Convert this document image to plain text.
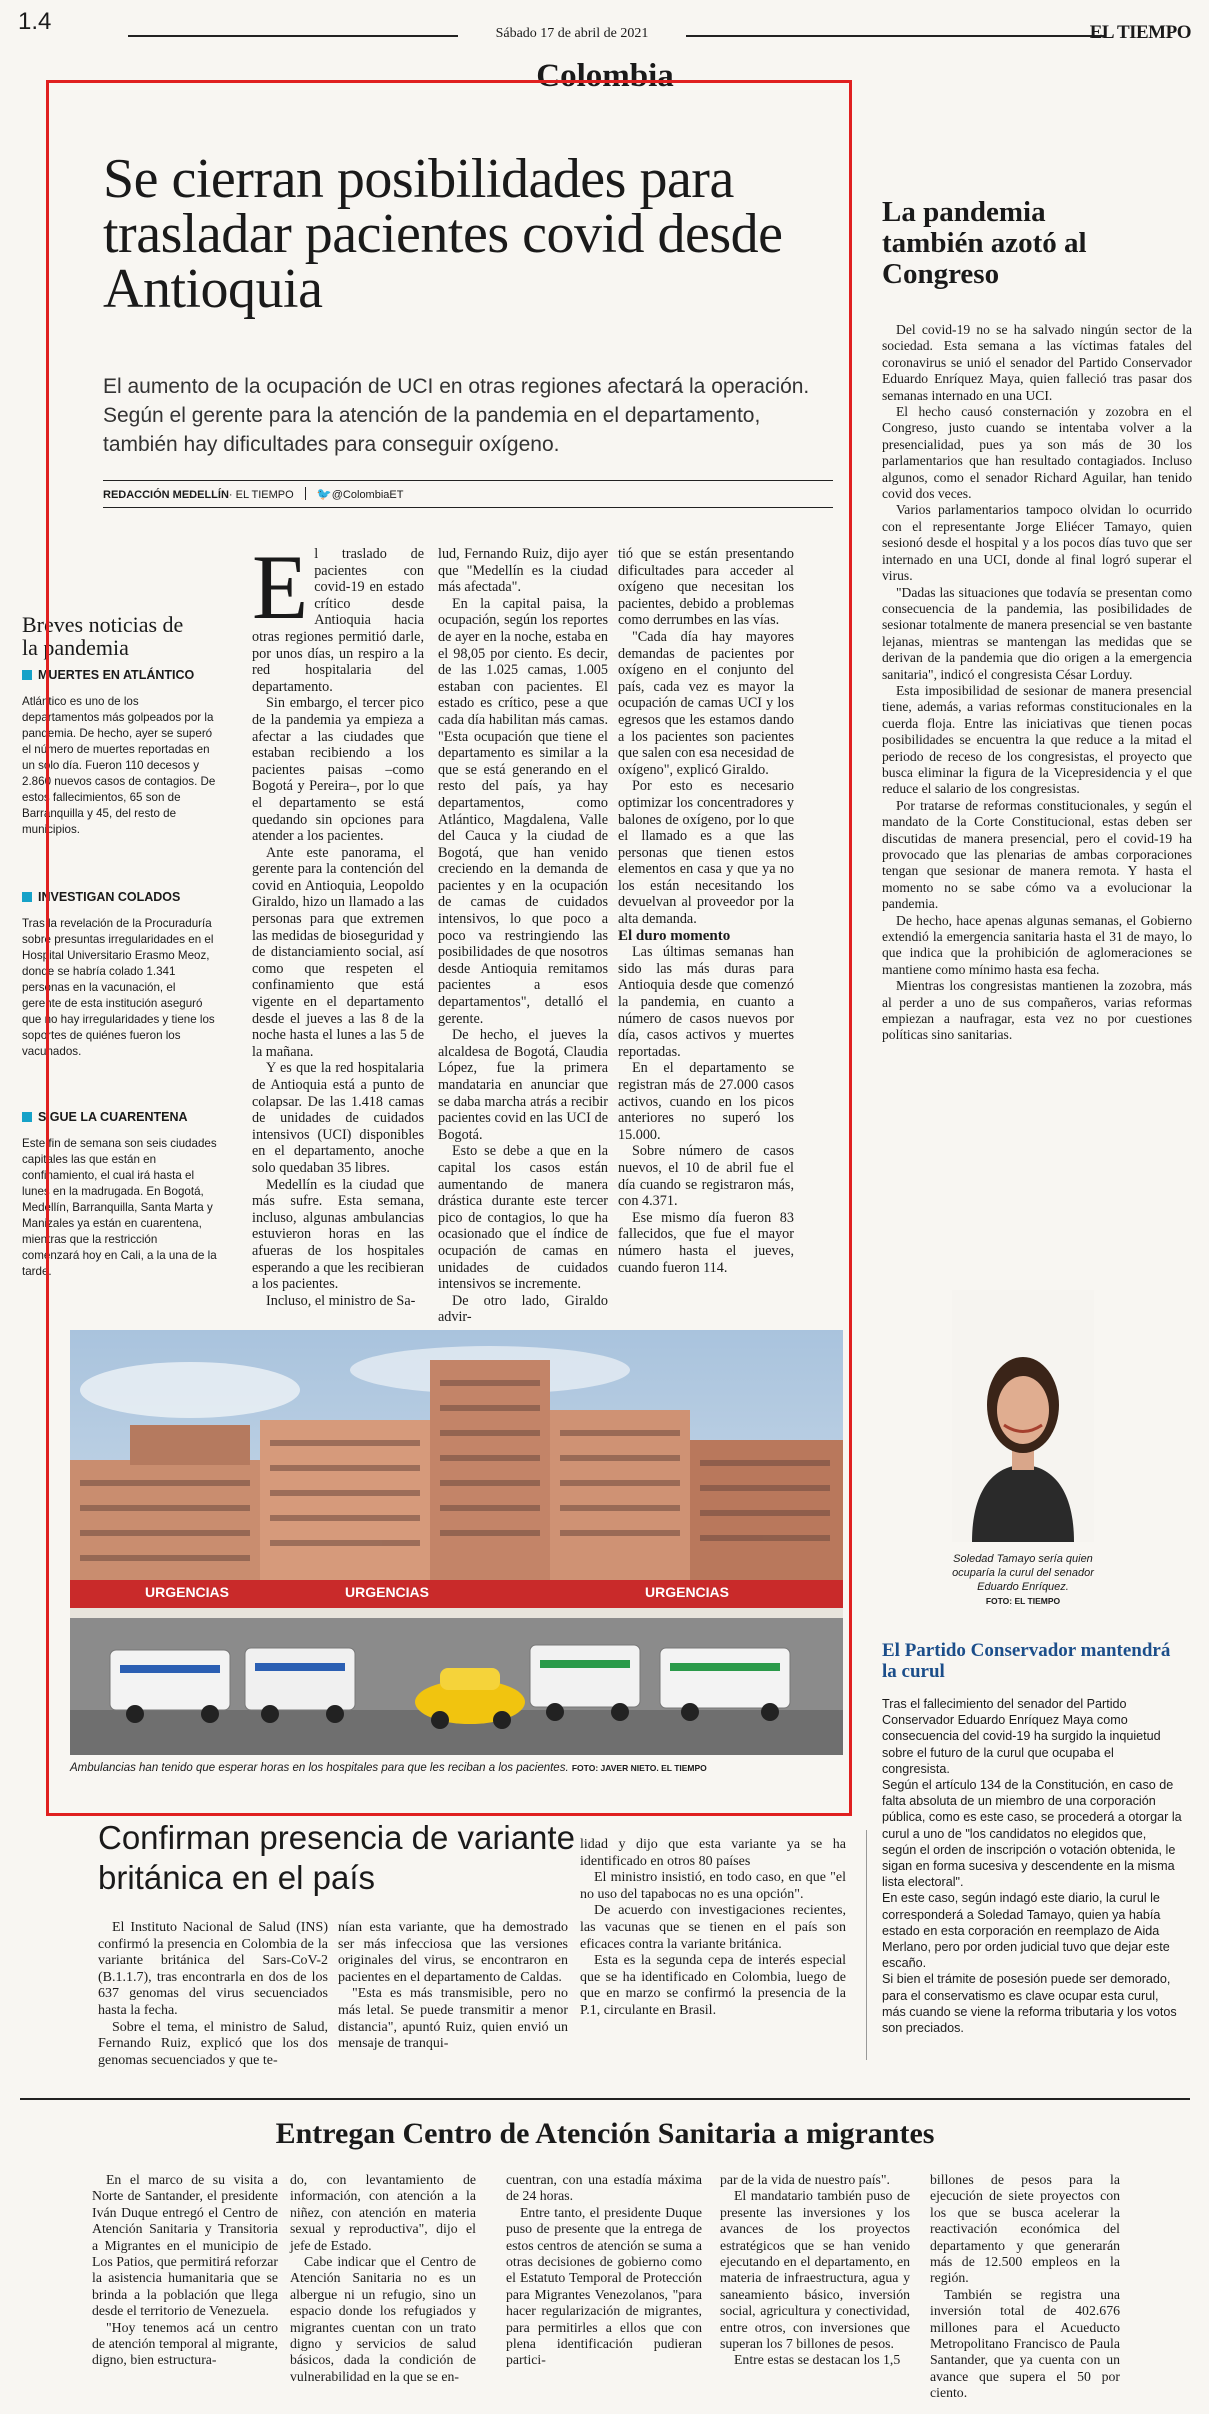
1.4	Sábado 17 de abril de 2021	EL TIEMPO
Colombia
Breves noticias de la pandemia
MUERTES EN ATLÁNTICO
Atlántico es uno de los departamentos más golpeados por la pandemia. De hecho, ayer se superó el número de muertes reportadas en un solo día. Fueron 110 decesos y 2.860 nuevos casos de contagios. De estos fallecimientos, 65 son de Barranquilla y 45, del resto de municipios.
INVESTIGAN COLADOS
Tras la revelación de la Procuraduría sobre presuntas irregularidades en el Hospital Universitario Erasmo Meoz, donde se habría colado 1.341 personas en la vacunación, el gerente de esta institución aseguró que no hay irregularidades y tiene los soportes de quiénes fueron los vacunados.
SIGUE LA CUARENTENA
Este fin de semana son seis ciudades capitales las que están en confinamiento, el cual irá hasta el lunes en la madrugada. En Bogotá, Medellín, Barranquilla, Santa Marta y Manizales ya están en cuarentena, mientras que la restricción comenzará hoy en Cali, a la una de la tarde.
Se cierran posibilidades para trasladar pacientes covid desde Antioquia
El aumento de la ocupación de UCI en otras regiones afectará la operación. Según el gerente para la atención de la pandemia en el departamento, también hay dificultades para conseguir oxígeno.
REDACCIÓN MEDELLÍN· EL TIEMPO 🐦@ColombiaET
E l traslado de pacientes con covid-19 en estado crítico desde Antioquia hacia otras regiones permitió darle, por unos días, un respiro a la red hospitalaria del departamento.

Sin embargo, el tercer pico de la pandemia ya empieza a afectar a las ciudades que estaban recibiendo a los pacientes paisas –como Bogotá y Pereira–, por lo que el departamento se está quedando sin opciones para atender a los pacientes.

Ante este panorama, el gerente para la contención del covid en Antioquia, Leopoldo Giraldo, hizo un llamado a las personas para que extremen las medidas de bioseguridad y de distanciamiento social, así como que respeten el confinamiento que está vigente en el departamento desde el jueves a las 8 de la noche hasta el lunes a las 5 de la mañana.

Y es que la red hospitalaria de Antioquia está a punto de colapsar. De las 1.418 camas de unidades de cuidados intensivos (UCI) disponibles en el departamento, anoche solo quedaban 35 libres.

Medellín es la ciudad que más sufre. Esta semana, incluso, algunas ambulancias estuvieron horas en las afueras de los hospitales esperando a que les recibieran a los pacientes.

Incluso, el ministro de Sa-

lud, Fernando Ruiz, dijo ayer que "Medellín es la ciudad más afectada".

En la capital paisa, la ocupación, según los reportes de ayer en la noche, estaba en el 98,05 por ciento. Es decir, de las 1.025 camas, 1.005 estaban con pacientes. El estado es crítico, pese a que cada día habilitan más camas. "Esta ocupación que tiene el departamento es similar a la que se está generando en el resto del país, ya hay departamentos, como Atlántico, Magdalena, Valle del Cauca y la ciudad de Bogotá, que han venido creciendo en la demanda de pacientes y en la ocupación de camas de cuidados intensivos, lo que poco a poco va restringiendo las posibilidades de que nosotros desde Antioquia remitamos pacientes a esos departamentos", detalló el gerente.

De hecho, el jueves la alcaldesa de Bogotá, Claudia López, fue la primera mandataria en anunciar que se daba marcha atrás a recibir pacientes covid en las UCI de Bogotá.

Esto se debe a que en la capital los casos están aumentando de manera drástica durante este tercer pico de contagios, lo que ha ocasionado que el índice de ocupación de camas en unidades de cuidados intensivos se incremente.

De otro lado, Giraldo advir-

tió que se están presentando dificultades para acceder al oxígeno que necesitan los pacientes, debido a problemas como derrumbes en las vías.

"Cada día hay mayores demandas de pacientes por oxígeno en el conjunto del país, cada vez es mayor la ocupación de camas UCI y los egresos que les estamos dando a los pacientes son pacientes que salen con esa necesidad de oxígeno", explicó Giraldo.

Por esto es necesario optimizar los concentradores y balones de oxígeno, por lo que el llamado es a que las personas que tienen estos elementos en casa y que ya no los están necesitando los devuelvan al proveedor por la alta demanda.

El duro momento

Las últimas semanas han sido las más duras para Antioquia desde que comenzó la pandemia, en cuanto a número de casos nuevos por día, casos activos y muertes reportadas.

En el departamento se registran más de 27.000 casos activos, cuando en los picos anteriores no superó los 15.000.

Sobre número de casos nuevos, el 10 de abril fue el día cuando se registraron más, con 4.371.

Ese mismo día fueron 83 fallecidos, que fue el mayor número hasta el jueves, cuando fueron 114.

URGENCIAS	URGENCIAS	URGENCIAS
Ambulancias han tenido que esperar horas en los hospitales para que les reciban a los pacientes. FOTO: JAVER NIETO. EL TIEMPO
La pandemia también azotó al Congreso

Del covid-19 no se ha salvado ningún sector de la sociedad. Esta semana a las víctimas fatales del coronavirus se unió el senador del Partido Conservador Eduardo Enríquez Maya, quien falleció tras pasar dos semanas internado en una UCI.

El hecho causó consternación y zozobra en el Congreso, justo cuando se intentaba volver a la presencialidad, pues ya son más de 30 los parlamentarios que han resultado contagiados. Incluso algunos, como el senador Richard Aguilar, han tenido covid dos veces.

Varios parlamentarios tampoco olvidan lo ocurrido con el representante Jorge Eliécer Tamayo, quien sesionó desde el hospital y a los pocos días tuvo que ser internado en una UCI, donde al final logró superar el virus.

"Dadas las situaciones que todavía se presentan como consecuencia de la pandemia, las posibilidades de sesionar totalmente de manera presencial se ven bastante lejanas, mientras se mantengan las medidas que se derivan de la pandemia que dio origen a la emergencia sanitaria", indicó el congresista César Lorduy.

Esta imposibilidad de sesionar de manera presencial tiene, además, a varias reformas constitucionales en la cuerda floja. Entre las iniciativas que tienen pocas posibilidades se encuentra la que reduce a la mitad el periodo de receso de los congresistas, el proyecto que busca eliminar la figura de la Vicepresidencia y el que reduce el salario de los congresistas.

Por tratarse de reformas constitucionales, y según el mandato de la Corte Constitucional, estas deben ser discutidas de manera presencial, pero el covid-19 ha provocado que las plenarias de ambas corporaciones tengan que sesionar de manera remota. Y hasta el momento no se sabe cómo va a evolucionar la pandemia.

De hecho, hace apenas algunas semanas, el Gobierno extendió la emergencia sanitaria hasta el 31 de mayo, lo que indica que la prohibición de aglomeraciones se mantiene como mínimo hasta esa fecha.

Mientras los congresistas mantienen la zozobra, más al perder a uno de sus compañeros, varias reformas empiezan a naufragar, esta vez no por cuestiones políticas sino sanitarias.

Soledad Tamayo sería quien ocuparía la curul del senador Eduardo Enríquez.
FOTO: EL TIEMPO
El Partido Conservador mantendrá la curul

Tras el fallecimiento del senador del Partido Conservador Eduardo Enríquez Maya como consecuencia del covid-19 ha surgido la inquietud sobre el futuro de la curul que ocupaba el congresista.

Según el artículo 134 de la Constitución, en caso de falta absoluta de un miembro de una corporación pública, como es este caso, se procederá a otorgar la curul a uno de "los candidatos no elegidos que, según el orden de inscripción o votación obtenida, le sigan en forma sucesiva y descendente en la misma lista electoral".

En este caso, según indagó este diario, la curul le corresponderá a Soledad Tamayo, quien ya había estado en esta corporación en reemplazo de Aida Merlano, pero por orden judicial tuvo que dejar este escaño.

Si bien el trámite de posesión puede ser demorado, para el conservatismo es clave ocupar esta curul, más cuando se viene la reforma tributaria y los votos son preciados.

Confirman presencia de variante británica en el país

El Instituto Nacional de Salud (INS) confirmó la presencia en Colombia de la variante británica del Sars-CoV-2 (B.1.1.7), tras encontrarla en dos de los 637 genomas del virus secuenciados hasta la fecha.

Sobre el tema, el ministro de Salud, Fernando Ruiz, explicó que los dos genomas secuenciados y que te-

nían esta variante, que ha demostrado ser más infecciosa que las versiones originales del virus, se encontraron en pacientes en el departamento de Caldas.

"Esta es más transmisible, pero no más letal. Se puede transmitir a menor distancia", apuntó Ruiz, quien envió un mensaje de tranqui-

lidad y dijo que esta variante ya se ha identificado en otros 80 países

El ministro insistió, en todo caso, en que "el no uso del tapabocas no es una opción".

De acuerdo con investigaciones recientes, las vacunas que se tienen en el país son eficaces contra la variante británica.

Esta es la segunda cepa de interés especial que se ha identificado en Colombia, luego de que en marzo se confirmó la presencia de la P.1, circulante en Brasil.

Entregan Centro de Atención Sanitaria a migrantes

En el marco de su visita a Norte de Santander, el presidente Iván Duque entregó el Centro de Atención Sanitaria y Transitoria a Migrantes en el municipio de Los Patios, que permitirá reforzar la asistencia humanitaria que se brinda a la población que llega desde el territorio de Venezuela.

"Hoy tenemos acá un centro de atención temporal al migrante, digno, bien estructura-

do, con levantamiento de información, con atención a la niñez, con atención en materia sexual y reproductiva", dijo el jefe de Estado.

Cabe indicar que el Centro de Atención Sanitaria no es un albergue ni un refugio, sino un espacio donde los refugiados y migrantes cuentan con un trato digno y servicios de salud básicos, dada la condición de vulnerabilidad en la que se en-

cuentran, con una estadía máxima de 24 horas.

Entre tanto, el presidente Duque puso de presente que la entrega de estos centros de atención se suma a otras decisiones de gobierno como el Estatuto Temporal de Protección para Migrantes Venezolanos, "para hacer regularización de migrantes, para permitirles a ellos que con plena identificación pudieran partici-

par de la vida de nuestro país".

El mandatario también puso de presente las inversiones y los avances de los proyectos estratégicos que se han venido ejecutando en el departamento, en materia de infraestructura, agua y saneamiento básico, inversión social, agricultura y conectividad, entre otros, con inversiones que superan los 7 billones de pesos.

Entre estas se destacan los 1,5

billones de pesos para la ejecución de siete proyectos con los que se busca acelerar la reactivación económica del departamento y que generarán más de 12.500 empleos en la región.

También se registra una inversión total de 402.676 millones para el Acueducto Metropolitano Francisco de Paula Santander, que ya cuenta con un avance que supera el 50 por ciento.
